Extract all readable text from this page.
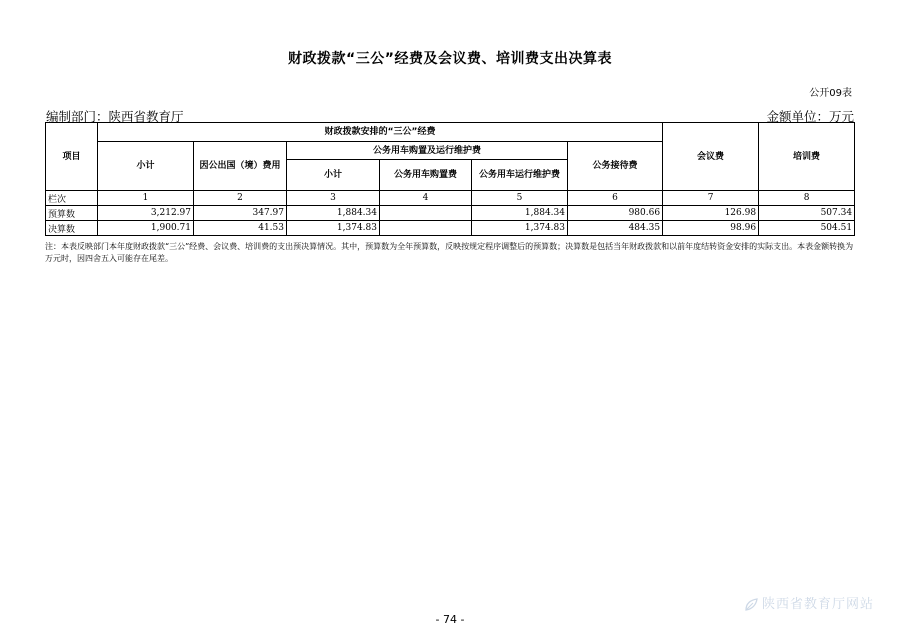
财政拨款“三公”经费及会议费、培训费支出决算表
公开09表
编制部门：陕西省教育厅	金额单位：万元
项目	财政拨款安排的“三公”经费						会议费	培训费
	小计	因公出国（境）费用	公务用车购置及运行维护费			公务接待费		
			小计	公务用车购置费	公务用车运行维护费			
栏次	1	2	3	4	5	6	7	8
预算数	3,212.97	347.97	1,884.34		1,884.34	980.66	126.98	507.34
决算数	1,900.71	41.53	1,374.83		1,374.83	484.35	98.96	504.51
注：本表反映部门本年度财政拨款“三公”经费、会议费、培训费的支出预决算情况。其中，预算数为全年预算数，反映按规定程序调整后的预算数；决算数是包括当年财政拨款和以前年度结转资金安排的实际支出。本表金额转换为万元时，因四舍五入可能存在尾差。
陕西省教育厅网站
- 74 -
